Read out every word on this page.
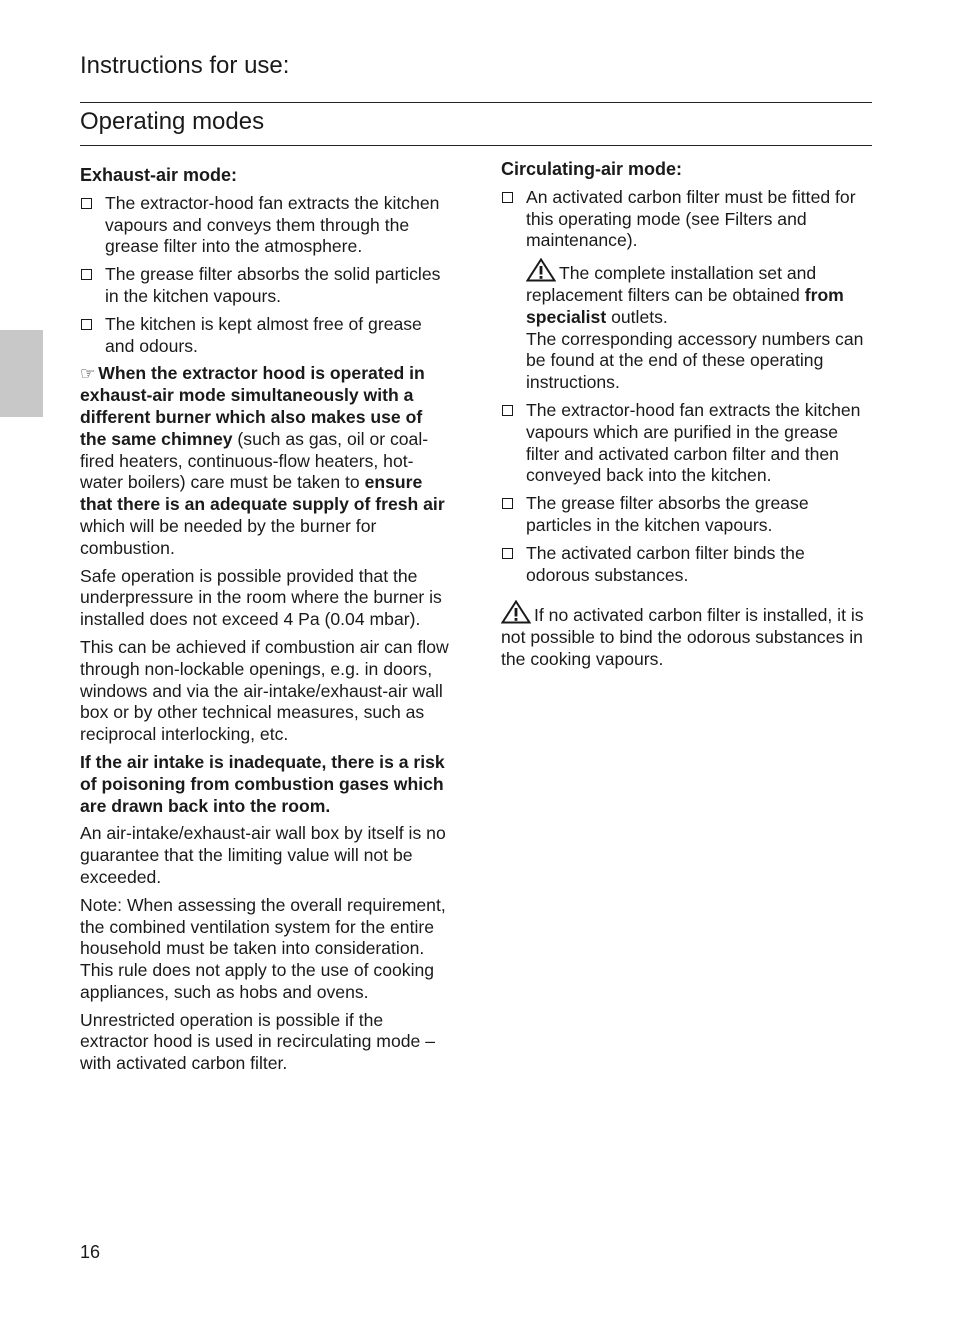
Instructions for use:
Operating modes
Exhaust-air mode:
The extractor-hood fan extracts the kitchen vapours and conveys them through the grease filter into the atmosphere.
The grease filter absorbs the solid particles in the kitchen vapours.
The kitchen is kept almost free of grease and odours.
☞ When the extractor hood is operated in exhaust-air mode simultaneously with a different burner which also makes use of the same chimney (such as gas, oil or coal-fired heaters, continuous-flow heaters, hot-water boilers) care must be taken to ensure that there is an adequate supply of fresh air which will be needed by the burner for combustion.
Safe operation is possible provided that the underpressure in the room where the burner is installed does not exceed 4 Pa (0.04 mbar).
This can be achieved if combustion air can flow through non-lockable openings, e.g. in doors, windows and via the air-intake/exhaust-air wall box or by other technical measures, such as reciprocal interlocking, etc.
If the air intake is inadequate, there is a risk of poisoning from combustion gases which are drawn back into the room.
An air-intake/exhaust-air wall box by itself is no guarantee that the limiting value will not be exceeded.
Note: When assessing the overall requirement, the combined ventilation system for the entire household must be taken into consideration. This rule does not apply to the use of cooking appliances, such as hobs and ovens.
Unrestricted operation is possible if the extractor hood is used in recirculating mode – with activated carbon filter.
Circulating-air mode:
An activated carbon filter must be fitted for this operating mode (see Filters and maintenance).
The complete installation set and replacement filters can be obtained from specialist outlets.
The corresponding accessory numbers can be found at the end of these operating instructions.
The extractor-hood fan extracts the kitchen vapours which are purified in the grease filter and activated carbon filter and then conveyed back into the kitchen.
The grease filter absorbs the grease particles in the kitchen vapours.
The activated carbon filter binds the odorous substances.
If no activated carbon filter is installed, it is not possible to bind the odorous substances in the cooking vapours.
16
